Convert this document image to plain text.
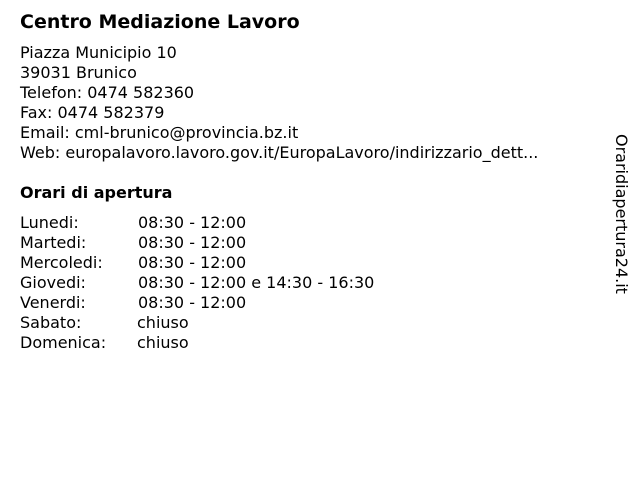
Centro Mediazione Lavoro
Piazza Municipio 10
39031 Brunico
Telefon: 0474 582360
Fax: 0474 582379
Email: cml-brunico@provincia.bz.it
Web: europalavoro.lavoro.gov.it/EuropaLavoro/indirizzario_dett...
Orari di apertura
Lunedi:	08:30 - 12:00
Martedi:	08:30 - 12:00
Mercoledi: 08:30 - 12:00
Giovedi:	08:30 - 12:00 e 14:30 - 16:30
Venerdi:	08:30 - 12:00
Sabato:	chiuso
Domenica: chiuso
Oraridiapertura24.it
